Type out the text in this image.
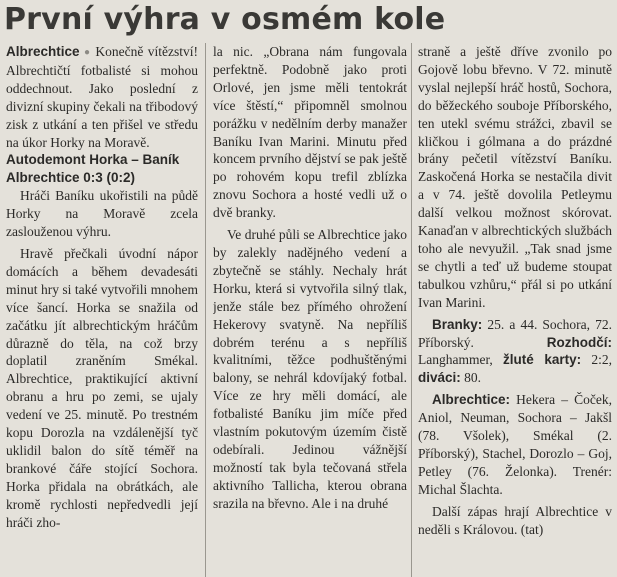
První výhra v osmém kole

Albrechtice ● Konečně vítězství! Albrechtičtí fotbalisté si mohou oddechnout. Jako poslední z divizní skupiny čekali na třibodový zisk z utkání a ten přišel ve středu na úkor Horky na Moravě.

Autodemont Horka – Baník

Albrechtice 0:3 (0:2)

Hráči Baníku ukořistili na půdě Horky na Moravě zcela zaslouženou výhru.

Hravě přečkali úvodní nápor domácích a během devadesáti minut hry si také vytvořili mnohem více šancí. Horka se snažila od začátku jít albrechtickým hráčům důrazně do těla, na což brzy doplatil zraněním Smékal. Albrechtice, praktikující aktivní obranu a hru po zemi, se ujaly vedení ve 25. minutě. Po trestném kopu Dorozla na vzdálenější tyč uklidil balon do sítě téměř na brankové čáře stojící Sochora. Horka přidala na obrátkách, ale kromě rychlosti nepředvedli její hráči zho-

la nic. „Obrana nám fungovala perfektně. Podobně jako proti Orlové, jen jsme měli tentokrát více štěstí,“ připomněl smolnou porážku v nedělním derby manažer Baníku Ivan Marini. Minutu před koncem prvního dějství se pak ještě po rohovém kopu trefil zblízka znovu Sochora a hosté vedli už o dvě branky.

Ve druhé půli se Albrechtice jako by zalekly nadějného vedení a zbytečně se stáhly. Nechaly hrát Horku, která si vytvořila silný tlak, jenže stále bez přímého ohrožení Hekerovy svatyně. Na nepříliš dobrém terénu a s nepříliš kvalitními, těžce podhuštěnými balony, se nehrál kdovíjaký fotbal. Více ze hry měli domácí, ale fotbalisté Baníku jim míče před vlastním pokutovým územím čistě odebírali. Jedinou vážnější možností tak byla tečovaná střela aktivního Tallicha, kterou obrana srazila na břevno. Ale i na druhé

straně a ještě dříve zvonilo po Gojově lobu břevno. V 72. minutě vyslal nejlepší hráč hostů, Sochora, do běžeckého souboje Příborského, ten utekl svému strážci, zbavil se kličkou i gólmana a do prázdné brány pečetil vítězství Baníku. Zaskočená Horka se nestačila divit a v 74. ještě dovolila Petleymu další velkou možnost skórovat. Kanaďan v albrechtických službách toho ale nevyužil. „Tak snad jsme se chytli a teď už budeme stoupat tabulkou vzhůru,“ přál si po utkání Ivan Marini.

Branky: 25. a 44. Sochora, 72. Příborský.	Rozhodčí: Langhammer, žluté karty: 2:2, diváci: 80.

Albrechtice: Hekera – Čoček, Aniol, Neuman, Sochora – Jakšl (78. Všolek), Smékal (2. Příborský), Stachel, Dorozlo – Goj, Petley (76. Želonka). Trenér: Michal Šlachta.

Další zápas hrají Albrechtice v neděli s Královou. (tat)
